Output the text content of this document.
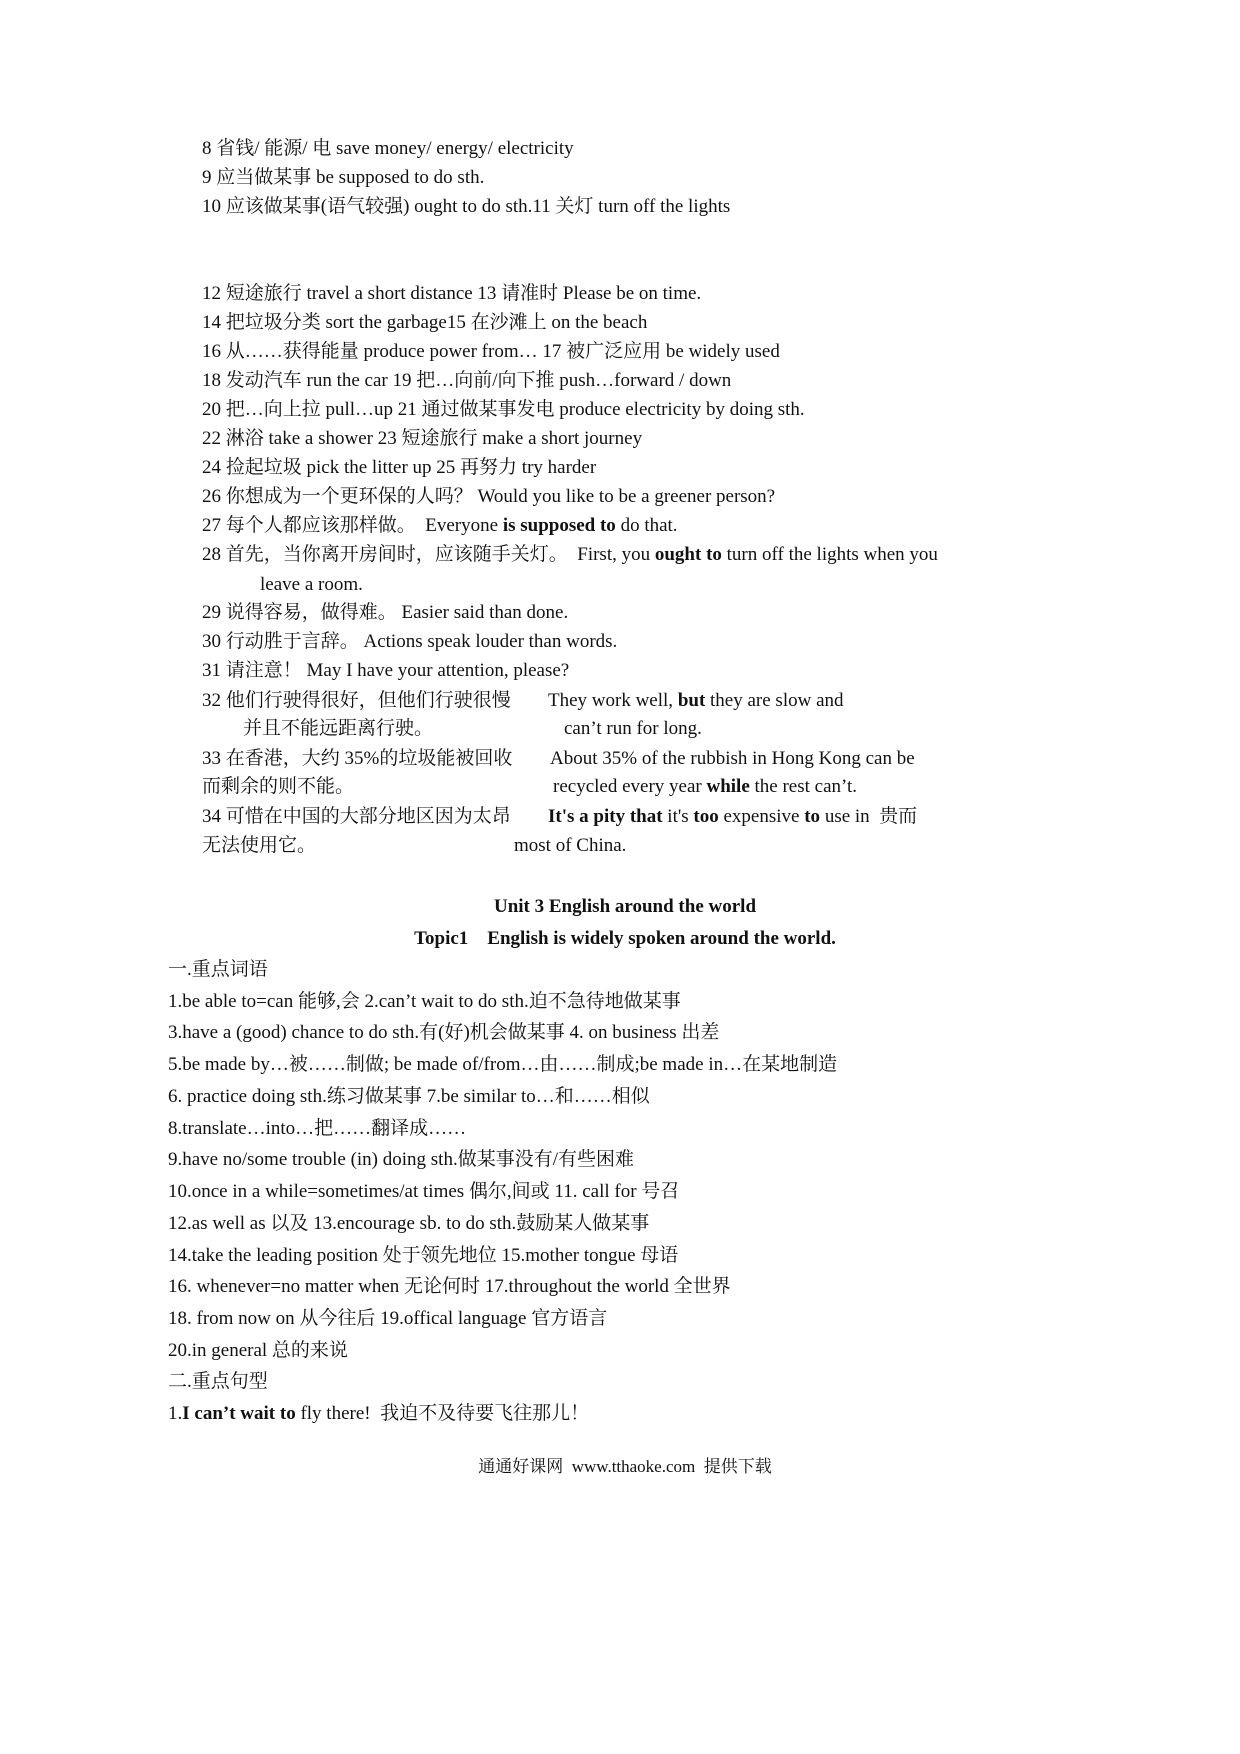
8 省钱/ 能源/ 电 save money/ energy/ electricity
9 应当做某事 be supposed to do sth.
10 应该做某事(语气较强) ought to do sth.11 关灯 turn off the lights
12 短途旅行 travel a short distance 13 请准时 Please be on time.
14 把垃圾分类 sort the garbage15 在沙滩上 on the beach
16 从……获得能量 produce power from… 17 被广泛应用 be widely used
18 发动汽车 run the car 19 把…向前/向下推 push…forward / down
20 把…向上拉 pull…up 21 通过做某事发电 produce electricity by doing sth.
22 淋浴 take a shower 23 短途旅行 make a short journey
24 捡起垃圾 pick the litter up 25 再努力 try harder
26 你想成为一个更环保的人吗？ Would you like to be a greener person?
27 每个人都应该那样做。  Everyone is supposed to do that.
28 首先，当你离开房间时，应该随手关灯。  First, you ought to turn off the lights when you
leave a room.
29 说得容易，做得难。 Easier said than done.
30 行动胜于言辞。 Actions speak louder than words.
31 请注意！ May I have your attention, please?
32 他们行驶得很好，但他们行驶很慢 They work well, but they are slow and
并且不能远距离行驶。	can’t run for long.
33 在香港，大约 35%的垃圾能被回收 About 35% of the rubbish in Hong Kong can be
而剩余的则不能。	recycled every year while the rest can’t.
34 可惜在中国的大部分地区因为太昂 It's a pity that it's too expensive to use in  贵而
无法使用它。	most of China.
Unit 3 English around the world
Topic1    English is widely spoken around the world.
一.重点词语
1.be able to=can 能够,会 2.can’t wait to do sth.迫不急待地做某事
3.have a (good) chance to do sth.有(好)机会做某事 4. on business 出差
5.be made by…被……制做; be made of/from…由……制成;be made in…在某地制造
6. practice doing sth.练习做某事 7.be similar to…和……相似
8.translate…into…把……翻译成……
9.have no/some trouble (in) doing sth.做某事没有/有些困难
10.once in a while=sometimes/at times 偶尔,间或 11. call for 号召
12.as well as 以及 13.encourage sb. to do sth.鼓励某人做某事
14.take the leading position 处于领先地位 15.mother tongue 母语
16. whenever=no matter when 无论何时 17.throughout the world 全世界
18. from now on 从今往后 19.offical language 官方语言
20.in general 总的来说
二.重点句型
1.I can’t wait to fly there!  我迫不及待要飞往那儿！
通通好课网  www.tthaoke.com  提供下载
